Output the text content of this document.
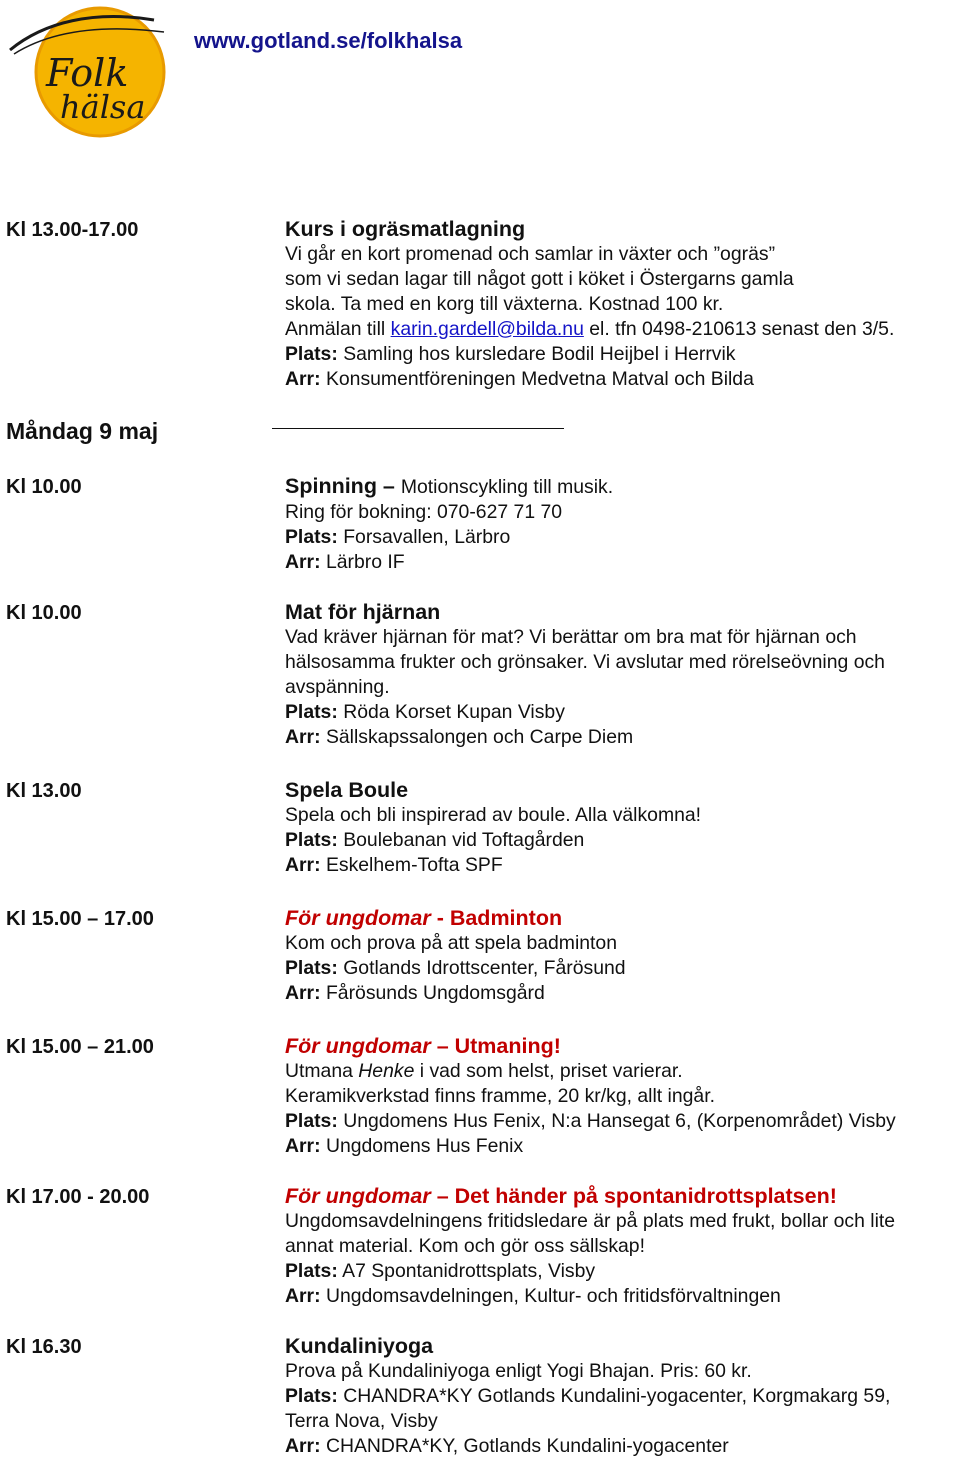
Folk
hälsa
www.gotland.se/folkhalsa
Kl 13.00-17.00	Kurs i ogräsmatlagning

Vi går en kort promenad och samlar in växter och ”ogräs”

som vi sedan lagar till något gott i köket i Östergarns gamla

skola. Ta med en korg till växterna. Kostnad 100 kr.

Anmälan till karin.gardell@bilda.nu el. tfn 0498-210613 senast den 3/5.

Plats: Samling hos kursledare Bodil Heijbel i Herrvik

Arr: Konsumentföreningen Medvetna Matval och Bilda

Måndag 9 maj
Kl 10.00	Spinning – Motionscykling till musik.

Ring för bokning: 070-627 71 70

Plats: Forsavallen, Lärbro

Arr: Lärbro IF

Kl 10.00	Mat för hjärnan

Vad kräver hjärnan för mat? Vi berättar om bra mat för hjärnan och

hälsosamma frukter och grönsaker. Vi avslutar med rörelseövning och

avspänning.

Plats: Röda Korset Kupan Visby

Arr: Sällskapssalongen och Carpe Diem

Kl 13.00	Spela Boule

Spela och bli inspirerad av boule. Alla välkomna!

Plats: Boulebanan vid Toftagården

Arr: Eskelhem-Tofta SPF

Kl 15.00 – 17.00	För ungdomar - Badminton

Kom och prova på att spela badminton

Plats: Gotlands Idrottscenter, Fårösund

Arr: Fårösunds Ungdomsgård

Kl 15.00 – 21.00	För ungdomar – Utmaning!

Utmana Henke i vad som helst, priset varierar.

Keramikverkstad finns framme, 20 kr/kg, allt ingår.

Plats: Ungdomens Hus Fenix, N:a Hansegat 6, (Korpenområdet) Visby

Arr: Ungdomens Hus Fenix

Kl 17.00 - 20.00	För ungdomar – Det händer på spontanidrottsplatsen!

Ungdomsavdelningens fritidsledare är på plats med frukt, bollar och lite

annat material. Kom och gör oss sällskap!

Plats: A7 Spontanidrottsplats, Visby

Arr: Ungdomsavdelningen, Kultur- och fritidsförvaltningen

Kl 16.30	Kundaliniyoga

Prova på Kundaliniyoga enligt Yogi Bhajan. Pris: 60 kr.

Plats: CHANDRA*KY Gotlands Kundalini-yogacenter, Korgmakarg 59,

Terra Nova, Visby

Arr: CHANDRA*KY, Gotlands Kundalini-yogacenter
